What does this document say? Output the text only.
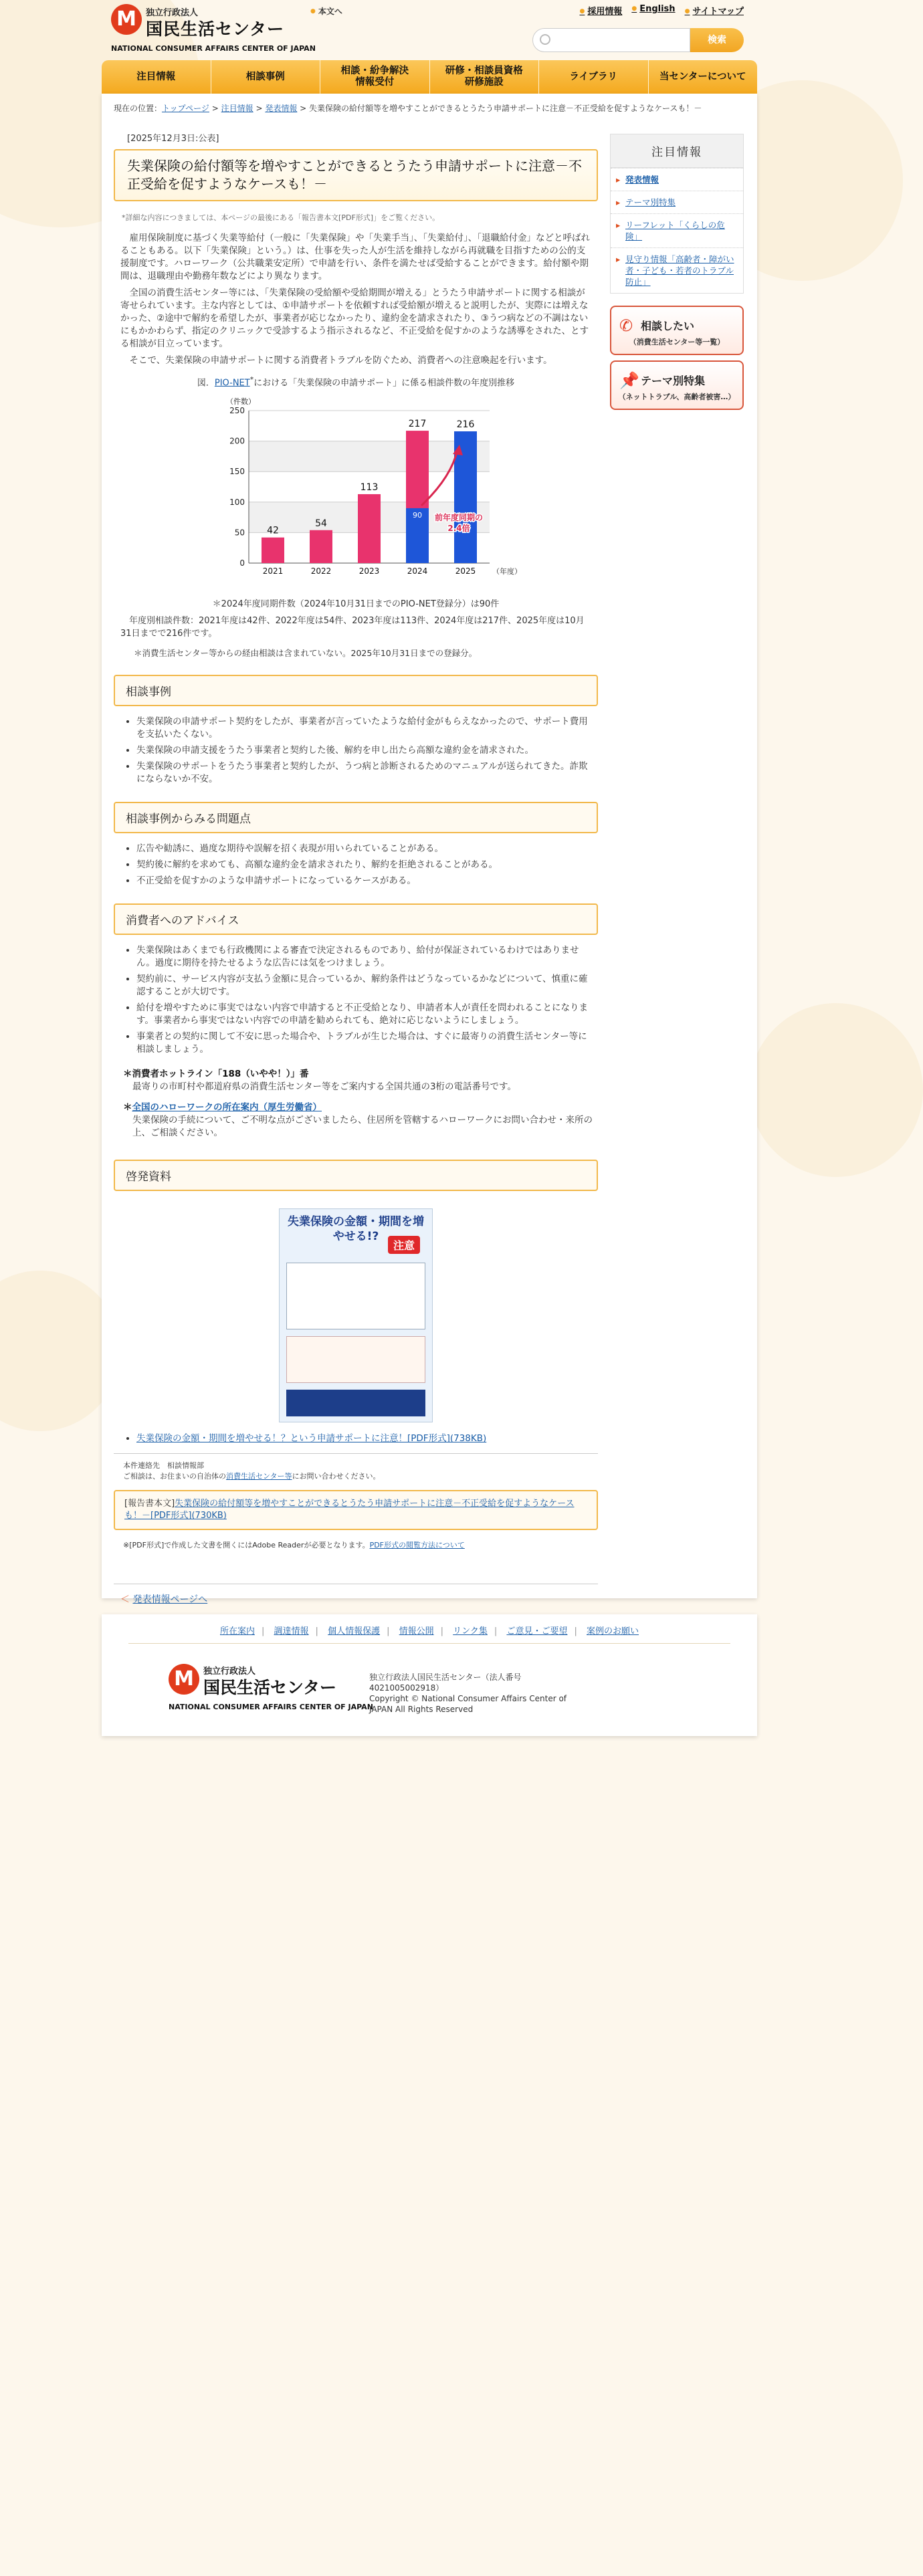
M	独立行政法人
国民生活センター
NATIONAL CONSUMER AFFAIRS CENTER OF JAPAN
● 本文へ	● 採用情報	● English	● サイトマップ
検索
注目情報	相談事例
相談・紛争解決
情報受付
研修・相談員資格
研修施設
ライブラリ	当センターについて
現在の位置：トップページ > 注目情報 > 発表情報 > 失業保険の給付額等を増やすことができるとうたう申請サポートに注意－不正受給を促すようなケースも！－
[2025年12月3日:公表]
失業保険の給付額等を増やすことができるとうたう申請サポートに注意－不正受給を促すようなケースも！－
*詳細な内容につきましては、本ページの最後にある「報告書本文[PDF形式]」をご覧ください。

雇用保険制度に基づく失業等給付（一般に「失業保険」や「失業手当」、「失業給付」、「退職給付金」などと呼ばれることもある。以下「失業保険」という。）は、仕事を失った人が生活を維持しながら再就職を目指すための公的支援制度です。ハローワーク（公共職業安定所）で申請を行い、条件を満たせば受給することができます。給付額や期間は、退職理由や勤務年数などにより異なります。

全国の消費生活センター等には、「失業保険の受給額や受給期間が増える」とうたう申請サポートに関する相談が寄せられています。主な内容としては、①申請サポートを依頼すれば受給額が増えると説明したが、実際には増えなかった、②途中で解約を希望したが、事業者が応じなかったり、違約金を請求されたり、③うつ病などの不調はないにもかかわらず、指定のクリニックで受診するよう指示されるなど、不正受給を促すかのような誘導をされた、とする相談が目立っています。

そこで、失業保険の申請サポートに関する消費者トラブルを防ぐため、消費者への注意喚起を行います。

図．PIO-NET*における「失業保険の申請サポート」に係る相談件数の年度別推移
0
50
100
150
200
250
（件数）
（年度）
42
2021
54
2022
113
2023
90
217
2024
216
2025
前年度同期の
2.4倍
＊2024年度同期件数（2024年10月31日までのPIO-NET登録分）は90件

年度別相談件数：2021年度は42件、2022年度は54件、2023年度は113件、2024年度は217件、2025年度は10月31日までで216件です。

＊消費生活センター等からの経由相談は含まれていない。2025年10月31日までの登録分。
相談事例
• 失業保険の申請サポート契約をしたが、事業者が言っていたような給付金がもらえなかったので、サポート費用を支払いたくない。
• 失業保険の申請支援をうたう事業者と契約した後、解約を申し出たら高額な違約金を請求された。
• 失業保険のサポートをうたう事業者と契約したが、うつ病と診断されるためのマニュアルが送られてきた。詐欺にならないか不安。
相談事例からみる問題点
• 広告や勧誘に、過度な期待や誤解を招く表現が用いられていることがある。
• 契約後に解約を求めても、高額な違約金を請求されたり、解約を拒絶されることがある。
• 不正受給を促すかのような申請サポートになっているケースがある。
消費者へのアドバイス
• 失業保険はあくまでも行政機関による審査で決定されるものであり、給付が保証されているわけではありません。過度に期待を持たせるような広告には気をつけましょう。
• 契約前に、サービス内容が支払う金額に見合っているか、解約条件はどうなっているかなどについて、慎重に確認することが大切です。
• 給付を増やすために事実ではない内容で申請すると不正受給となり、申請者本人が責任を問われることになります。事業者から事実ではない内容での申請を勧められても、絶対に応じないようにしましょう。
• 事業者との契約に関して不安に思った場合や、トラブルが生じた場合は、すぐに最寄りの消費生活センター等に相談しましょう。
＊消費者ホットライン「188（いやや！）」番
最寄りの市町村や都道府県の消費生活センター等をご案内する全国共通の3桁の電話番号です。
＊全国のハローワークの所在案内（厚生労働省）
失業保険の手続について、ご不明な点がございましたら、住居所を管轄するハローワークにお問い合わせ・来所の上、ご相談ください。
啓発資料
失業保険の金額・期間を増やせる!?
注意
• 失業保険の金額・期間を増やせる！？という申請サポートに注意！[PDF形式](738KB)
本件連絡先　相談情報部
ご相談は、お住まいの自治体の消費生活センター等にお問い合わせください。
[報告書本文]失業保険の給付額等を増やすことができるとうたう申請サポートに注意－不正受給を促すようなケースも！－[PDF形式](730KB)
※[PDF形式]で作成した文書を開くにはAdobe Readerが必要となります。PDF形式の閲覧方法について
＜ 発表情報ページへ
注目情報
▸ 発表情報
▸ テーマ別特集
▸ リーフレット「くらしの危険」
▸ 見守り情報「高齢者・障がい者・子ども・若者のトラブル防止」
✆ 相談したい
（消費生活センター等一覧）
📌 テーマ別特集
（ネットトラブル、高齢者被害…）
所在案内 | 調達情報 | 個人情報保護 | 情報公開 | リンク集 | ご意見・ご要望 | 案例のお願い
M	独立行政法人
国民生活センター
NATIONAL CONSUMER AFFAIRS CENTER OF JAPAN
独立行政法人国民生活センター（法人番号4021005002918）
Copyright © National Consumer Affairs Center of JAPAN All Rights Reserved
